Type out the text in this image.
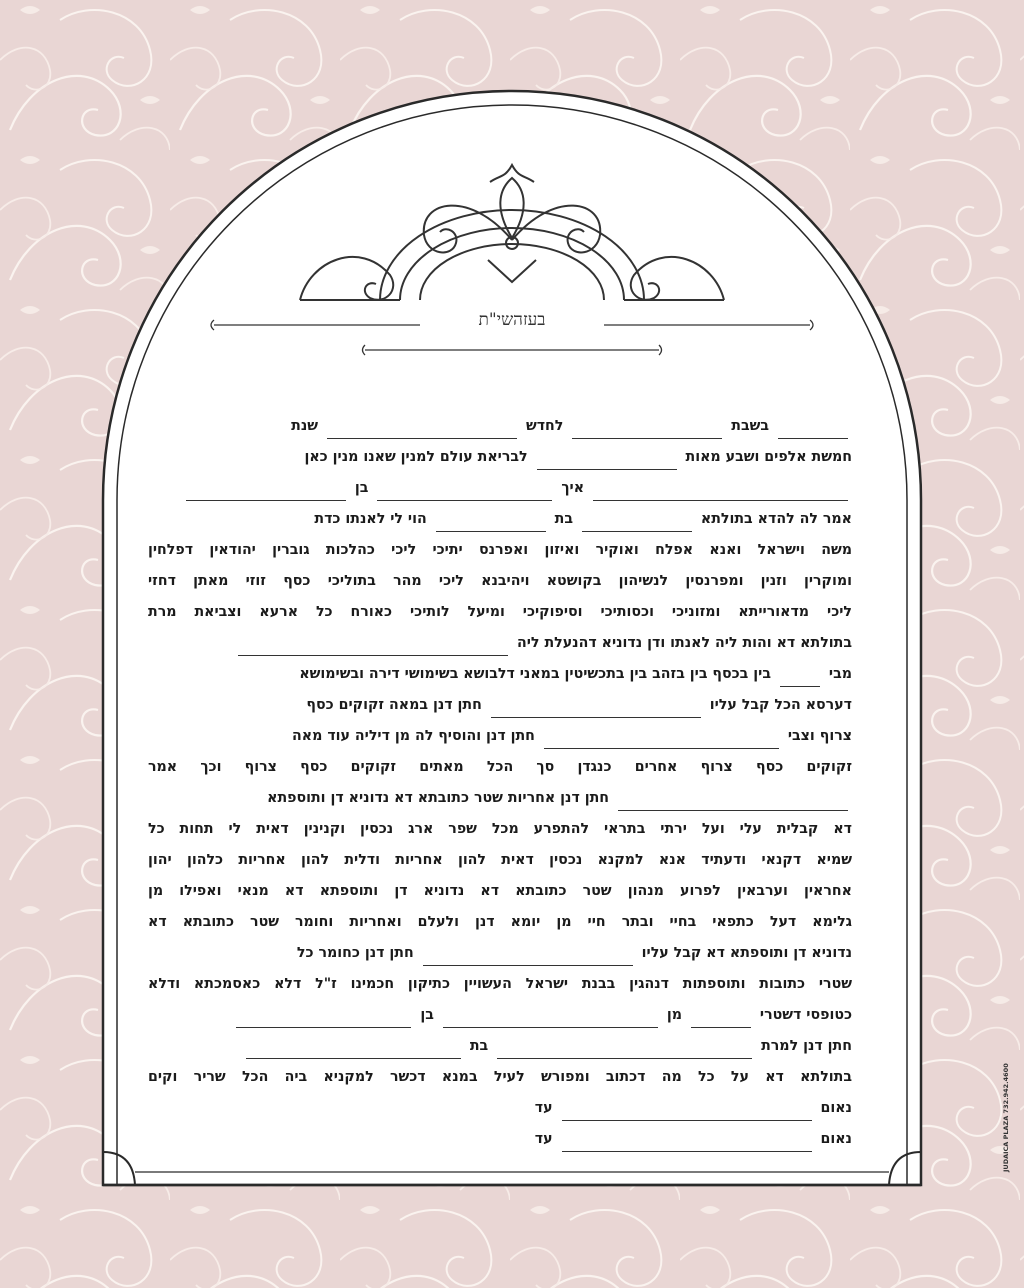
בעזהשי"ת
בשבת  לחדש  שנת
חמשת אלפים ושבע מאות  לבריאת עולם למנין שאנו מנין כאן
איך  בן
אמר לה להדא בתולתא  בת  הוי לי לאנתו כדת
משה וישראל ואנא אפלח ואוקיר ואיזון ואפרנס יתיכי ליכי כהלכות גוברין יהודאין דפלחין
ומוקרין וזנין ומפרנסין לנשיהון בקושטא ויהיבנא ליכי מהר בתוליכי כסף זוזי מאתן דחזי
ליכי מדאורייתא ומזוניכי וכסותיכי וסיפוקיכי ומיעל לותיכי כאורח כל ארעא וצביאת מרת
בתולתא דא והות ליה לאנתו ודן נדוניא דהנעלת ליה
מבי  בין בכסף בין בזהב בין בתכשיטין במאני דלבושא בשימושי דירה ובשימושא
דערסא הכל קבל עליו  חתן דנן במאה זקוקים כסף
צרוף וצבי  חתן דנן והוסיף לה מן דיליה עוד מאה
זקוקים כסף צרוף אחרים כנגדן סך הכל מאתים זקוקים כסף צרוף וכך אמר
חתן דנן אחריות שטר כתובתא דא נדוניא דן ותוספתא
דא קבלית עלי ועל ירתי בתראי להתפרע מכל שפר ארג נכסין וקנינין דאית לי תחות כל
שמיא דקנאי ודעתיד אנא למקנא נכסין דאית להון אחריות ודלית להון אחריות כלהון יהון
אחראין וערבאין לפרוע מנהון שטר כתובתא דא נדוניא דן ותוספתא דא מנאי ואפילו מן
גלימא דעל כתפאי בחיי ובתר חיי מן יומא דנן ולעלם ואחריות וחומר שטר כתובתא דא
נדוניא דן ותוספתא דא קבל עליו  חתן דנן כחומר כל
שטרי כתובות ותוספתות דנהגין בבנת ישראל העשויין כתיקון חכמינו ז"ל דלא כאסמכתא ודלא
כטופסי דשטרי  מן  בן
חתן דנן למרת  בת
בתולתא דא על כל מה דכתוב ומפורש לעיל במנא דכשר למקניא ביה הכל שריר וקים
נאום  עד
נאום  עד	JUDAICA PLAZA 732.942.4600
